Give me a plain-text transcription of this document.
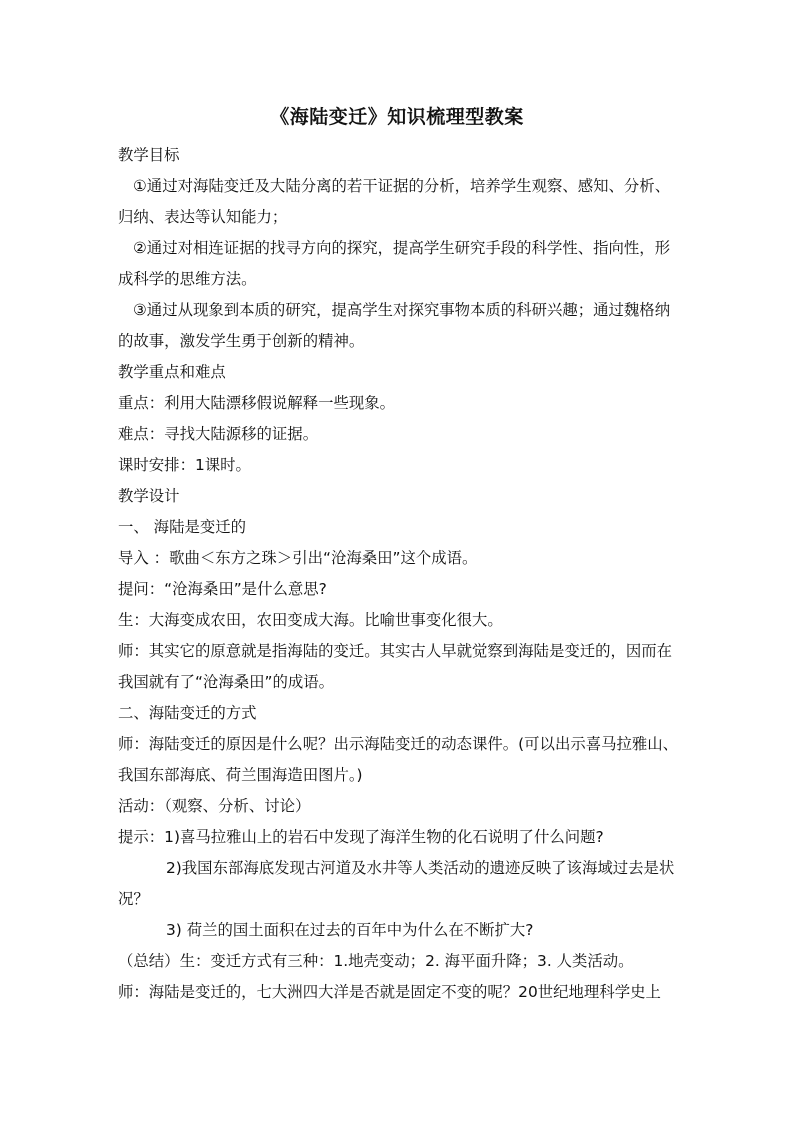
《海陆变迁》知识梳理型教案

教学目标

①通过对海陆变迁及大陆分离的若干证据的分析，培养学生观察、感知、分析、归纳、表达等认知能力；

②通过对相连证据的找寻方向的探究，提高学生研究手段的科学性、指向性，形成科学的思维方法。

③通过从现象到本质的研究，提高学生对探究事物本质的科研兴趣；通过魏格纳的故事，激发学生勇于创新的精神。

教学重点和难点

重点：利用大陆漂移假说解释一些现象。

难点：寻找大陆源移的证据。

课时安排：1课时。

教学设计

一、 海陆是变迁的

导入 ：歌曲＜东方之珠＞引出“沧海桑田”这个成语。

提问：“沧海桑田”是什么意思?

生：大海变成农田，农田变成大海。比喻世事变化很大。

师：其实它的原意就是指海陆的变迁。其实古人早就觉察到海陆是变迁的，因而在我国就有了“沧海桑田”的成语。

二、海陆变迁的方式

师：海陆变迁的原因是什么呢？出示海陆变迁的动态课件。(可以出示喜马拉雅山、我国东部海底、荷兰围海造田图片。)

活动：（观察、分析、讨论）

提示：1)喜马拉雅山上的岩石中发现了海洋生物的化石说明了什么问题?

2)我国东部海底发现古河道及水井等人类活动的遗迹反映了该海域过去是状况？

3) 荷兰的国土面积在过去的百年中为什么在不断扩大?

（总结）生：变迁方式有三种：1.地壳变动；2. 海平面升降；3. 人类活动。

师：海陆是变迁的，七大洲四大洋是否就是固定不变的呢？20世纪地理科学史上
